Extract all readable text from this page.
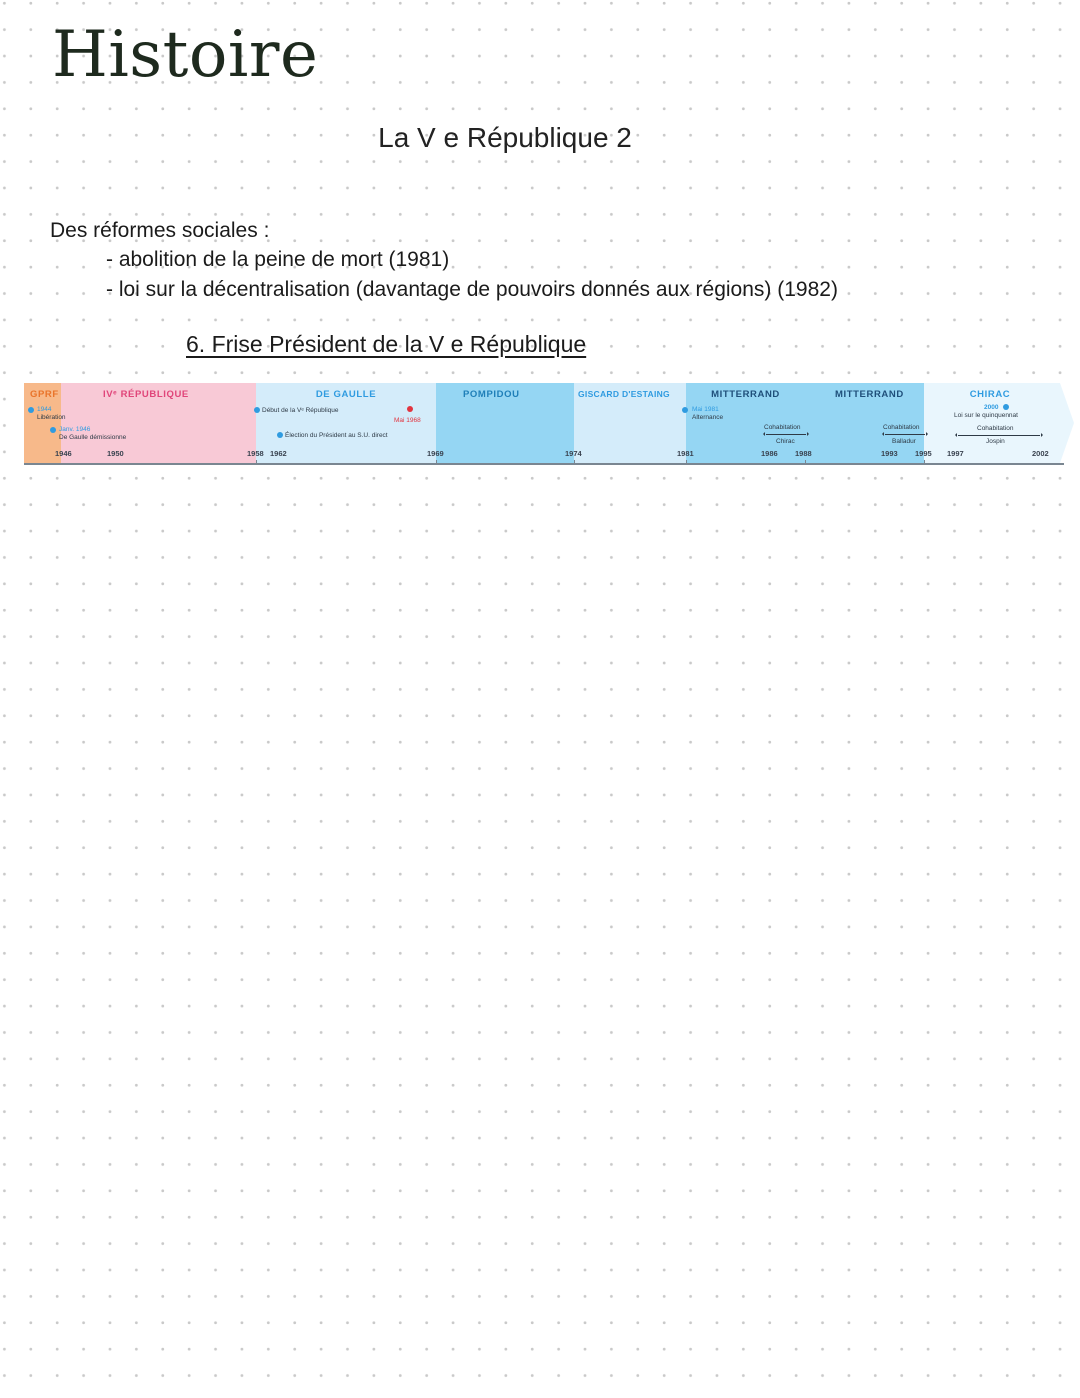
Histoire
La V e République 2
Des réformes sociales :
- abolition de la peine de mort (1981)
- loi sur la décentralisation (davantage de pouvoirs donnés aux régions) (1982)
6. Frise Président de la V e République
GPRF	IVᵉ RÉPUBLIQUE	DE GAULLE	POMPIDOU	GISCARD D'ESTAING	MITTERRAND	MITTERRAND	CHIRAC
1944
Libération
Janv. 1946
De Gaulle démissionne
Début de la Vᵉ République
Mai 1968
Élection du Président au S.U. direct
Mai 1981
Alternance
Cohabitation
Chirac
Cohabitation
Balladur
2000
Loi sur le quinquennat
Cohabitation
Jospin
1946	1950	1958 1962	1969	1974	1981	1986 1988	1993 1995 1997	2002
